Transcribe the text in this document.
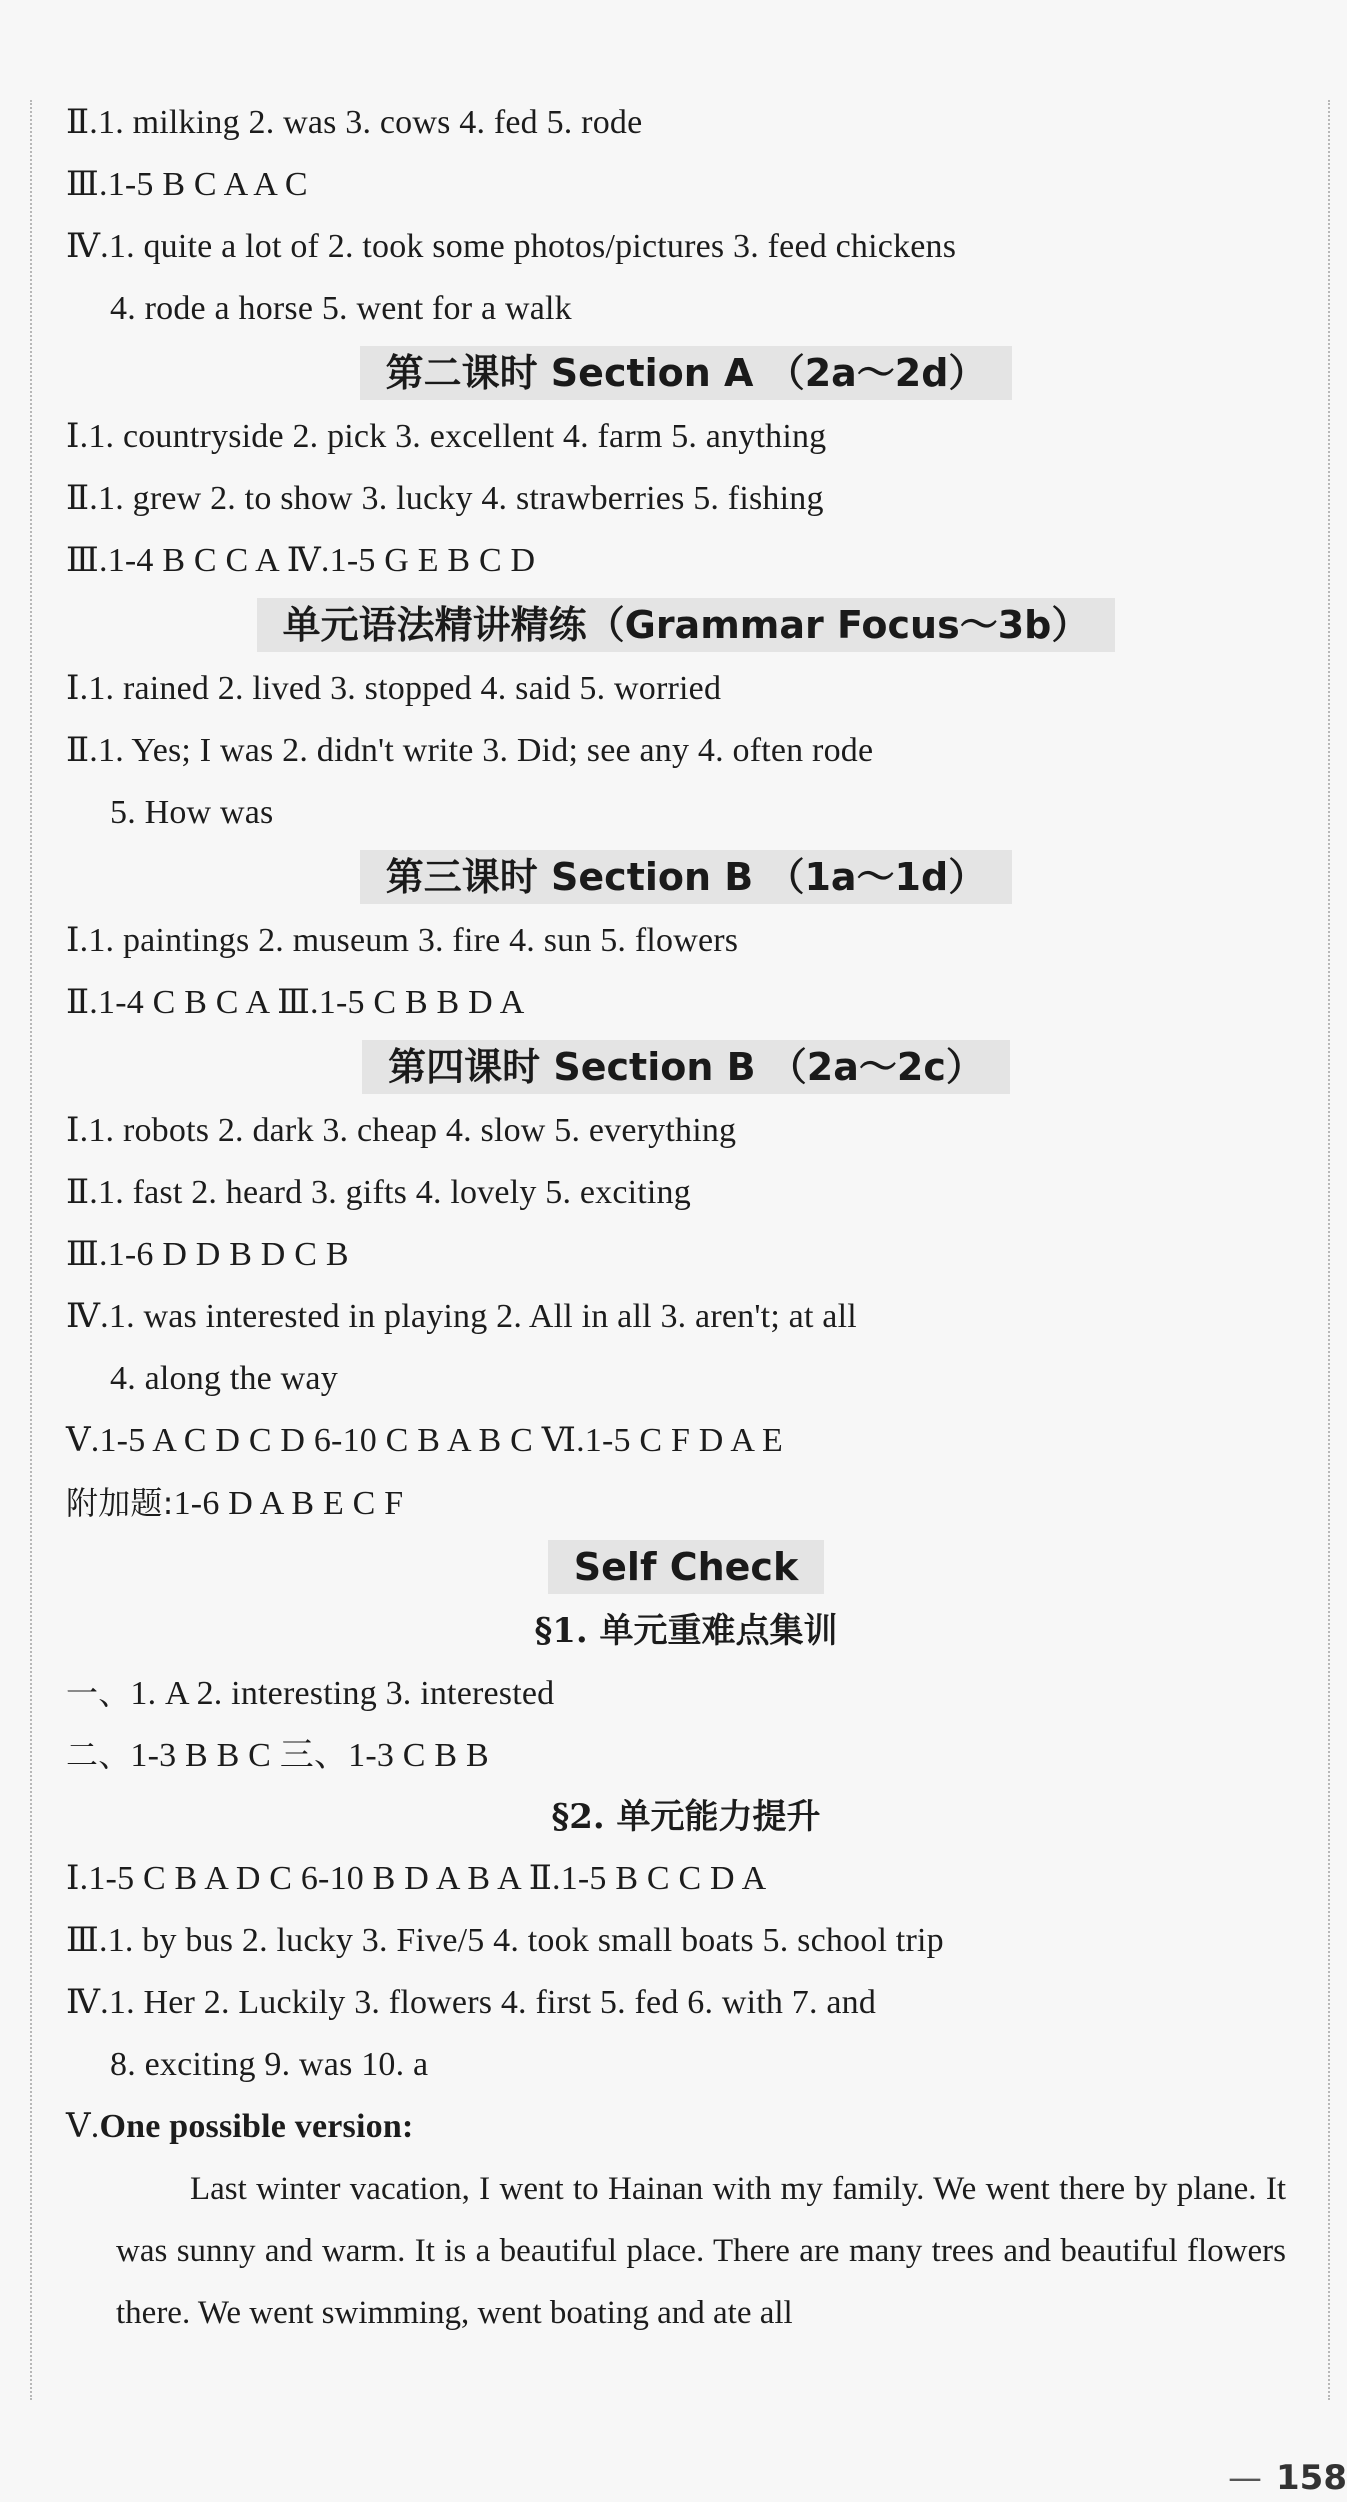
Ⅱ.1. milking 2. was 3. cows 4. fed 5. rode
Ⅲ.1-5 B C A A C
Ⅳ.1. quite a lot of 2. took some photos/pictures 3. feed chickens
4. rode a horse 5. went for a walk
第二课时 Section A （2a～2d）
Ⅰ.1. countryside 2. pick 3. excellent 4. farm 5. anything
Ⅱ.1. grew 2. to show 3. lucky 4. strawberries 5. fishing
Ⅲ.1-4 B C C A Ⅳ.1-5 G E B C D
单元语法精讲精练（Grammar Focus～3b）
Ⅰ.1. rained 2. lived 3. stopped 4. said 5. worried
Ⅱ.1. Yes; I was 2. didn't write 3. Did; see any 4. often rode
5. How was
第三课时 Section B （1a～1d）
Ⅰ.1. paintings 2. museum 3. fire 4. sun 5. flowers
Ⅱ.1-4 C B C A Ⅲ.1-5 C B B D A
第四课时 Section B （2a～2c）
Ⅰ.1. robots 2. dark 3. cheap 4. slow 5. everything
Ⅱ.1. fast 2. heard 3. gifts 4. lovely 5. exciting
Ⅲ.1-6 D D B D C B
Ⅳ.1. was interested in playing 2. All in all 3. aren't; at all
4. along the way
Ⅴ.1-5 A C D C D 6-10 C B A B C Ⅵ.1-5 C F D A E
附加题:1-6 D A B E C F
Self Check
§1. 单元重难点集训
一、1. A 2. interesting 3. interested
二、1-3 B B C 三、1-3 C B B
§2. 单元能力提升
Ⅰ.1-5 C B A D C 6-10 B D A B A Ⅱ.1-5 B C C D A
Ⅲ.1. by bus 2. lucky 3. Five/5 4. took small boats 5. school trip
Ⅳ.1. Her 2. Luckily 3. flowers 4. first 5. fed 6. with 7. and
8. exciting 9. was 10. a
Ⅴ.One possible version:
Last winter vacation, I went to Hainan with my family. We went there by plane. It was sunny and warm. It is a beautiful place. There are many trees and beautiful flowers there. We went swimming, went boating and ate all
— 158
